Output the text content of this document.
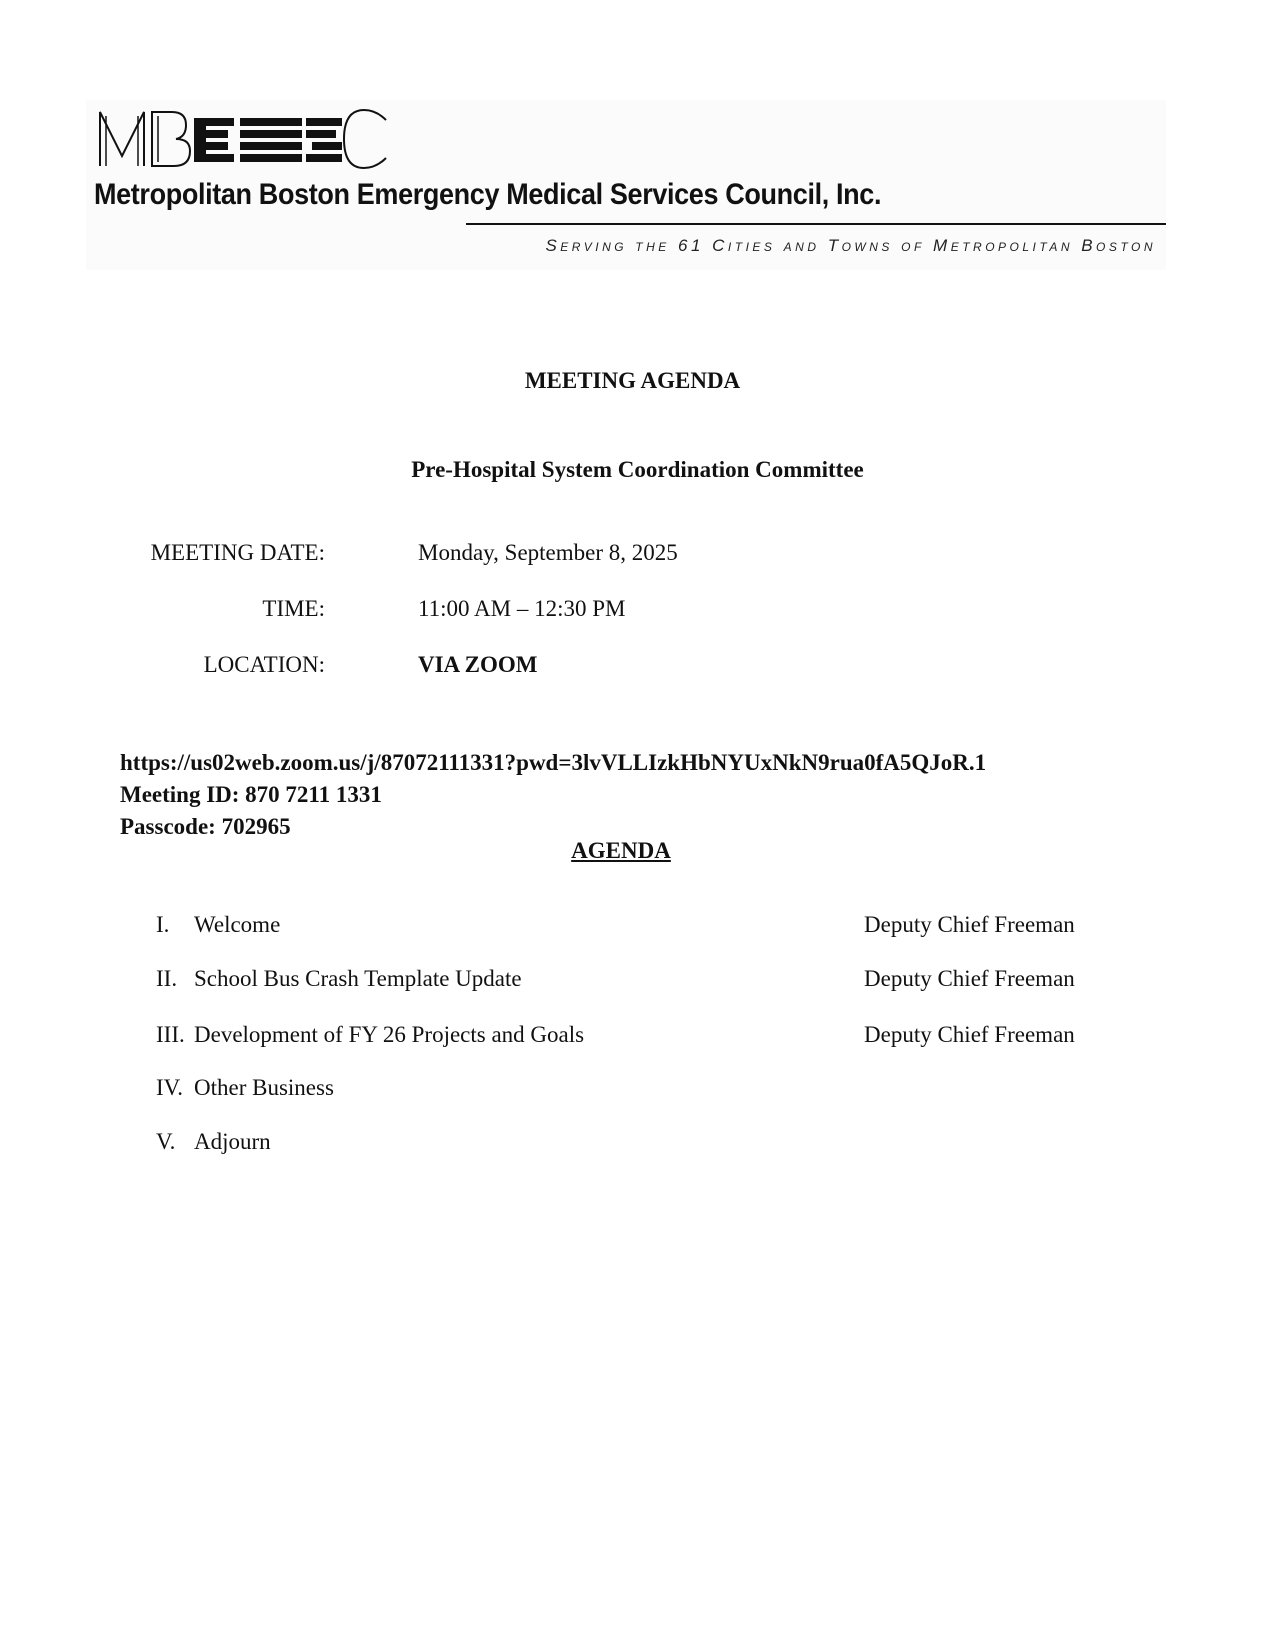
Metropolitan Boston Emergency Medical Services Council, Inc.
Serving the 61 Cities and Towns of Metropolitan Boston
MEETING AGENDA
Pre-Hospital System Coordination Committee
MEETING DATE:	Monday, September 8, 2025
TIME:	11:00 AM – 12:30 PM
LOCATION:	VIA ZOOM
https://us02web.zoom.us/j/87072111331?pwd=3lvVLLIzkHbNYUxNkN9rua0fA5QJoR.1
Meeting ID: 870 7211 1331
Passcode: 702965
AGENDA
I. Welcome	Deputy Chief Freeman
II. School Bus Crash Template Update	Deputy Chief Freeman
III. Development of FY 26 Projects and Goals	Deputy Chief Freeman
IV. Other Business
V. Adjourn
